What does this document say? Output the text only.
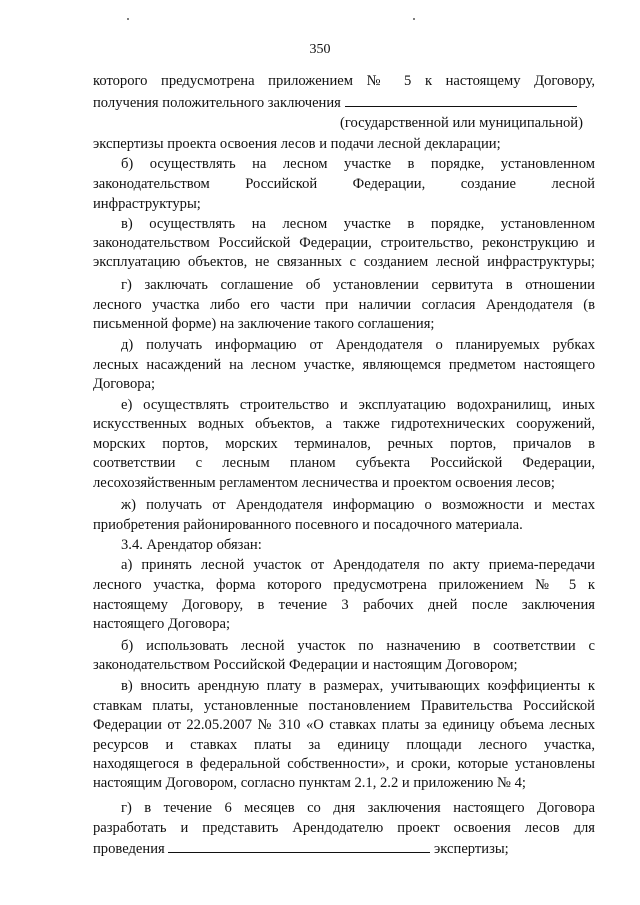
350
которого предусмотрена приложением № 5 к настоящему Договору,
получения положительного заключения
(государственной или муниципальной)
экспертизы проекта освоения лесов и подачи лесной декларации;
б) осуществлять на лесном участке в порядке, установленном
законодательством Российской Федерации, создание лесной
инфраструктуры;
в) осуществлять на лесном участке в порядке, установленном
законодательством Российской Федерации, строительство, реконструкцию и
эксплуатацию объектов, не связанных с созданием лесной инфраструктуры;
г) заключать соглашение об установлении сервитута в отношении
лесного участка либо его части при наличии согласия Арендодателя (в
письменной форме) на заключение такого соглашения;
д) получать информацию от Арендодателя о планируемых рубках
лесных насаждений на лесном участке, являющемся предметом настоящего
Договора;
е) осуществлять строительство и эксплуатацию водохранилищ, иных
искусственных водных объектов, а также гидротехнических сооружений,
морских портов, морских терминалов, речных портов, причалов в
соответствии с лесным планом субъекта Российской Федерации,
лесохозяйственным регламентом лесничества и проектом освоения лесов;
ж) получать от Арендодателя информацию о возможности и местах
приобретения районированного посевного и посадочного материала.
3.4. Арендатор обязан:
а) принять лесной участок от Арендодателя по акту приема-передачи
лесного участка, форма которого предусмотрена приложением № 5 к
настоящему Договору, в течение 3 рабочих дней после заключения
настоящего Договора;
б) использовать лесной участок по назначению в соответствии с
законодательством Российской Федерации и настоящим Договором;
в) вносить арендную плату в размерах, учитывающих коэффициенты к
ставкам платы, установленные постановлением Правительства Российской
Федерации от 22.05.2007 № 310 «О ставках платы за единицу объема лесных
ресурсов и ставках платы за единицу площади лесного участка,
находящегося в федеральной собственности», и сроки, которые установлены
настоящим Договором, согласно пунктам 2.1, 2.2 и приложению № 4;
г) в течение 6 месяцев со дня заключения настоящего Договора
разработать и представить Арендодателю проект освоения лесов для
проведения	экспертизы;
